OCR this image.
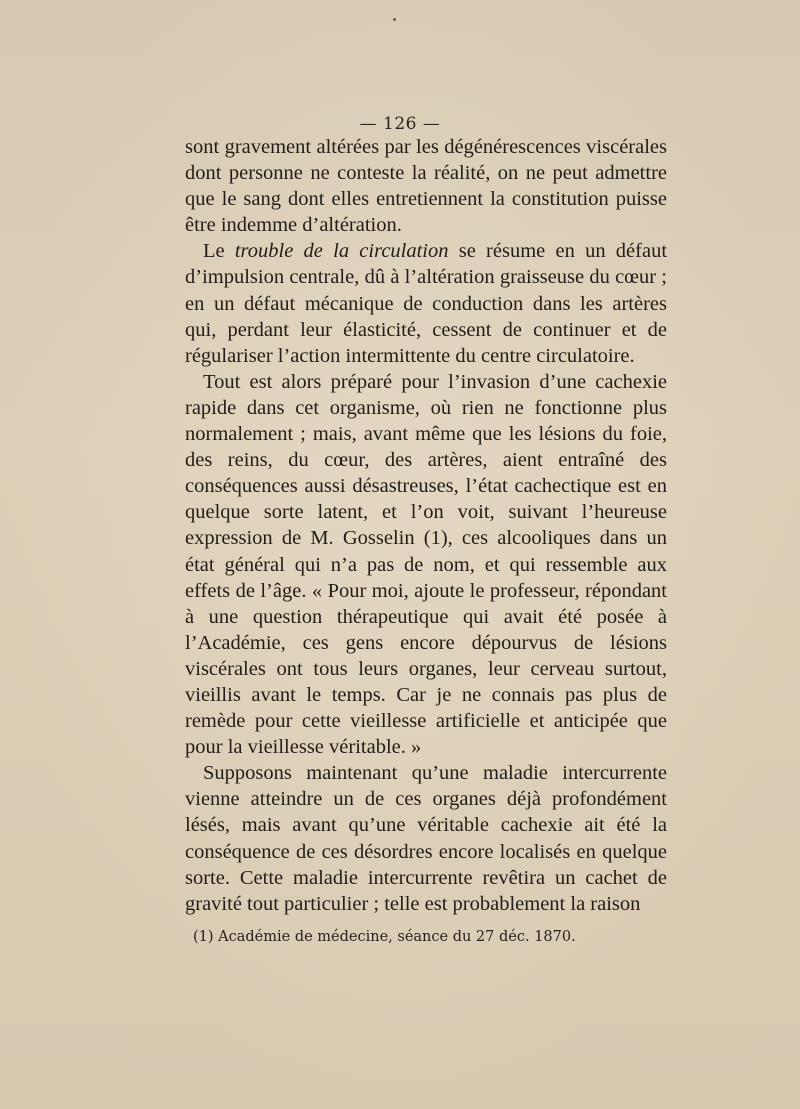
— 126 —

sont gravement altérées par les dégénérescences viscérales dont personne ne conteste la réalité, on ne peut admettre que le sang dont elles entretiennent la constitution puisse être indemme d’altération.

Le trouble de la circulation se résume en un défaut d’impulsion centrale, dû à l’altération graisseuse du cœur ; en un défaut mécanique de conduction dans les artères qui, perdant leur élasticité, cessent de continuer et de régulariser l’action intermittente du centre circulatoire.

Tout est alors préparé pour l’invasion d’une cachexie rapide dans cet organisme, où rien ne fonctionne plus normalement ; mais, avant même que les lésions du foie, des reins, du cœur, des artères, aient entraîné des conséquences aussi désastreuses, l’état cachectique est en quelque sorte latent, et l’on voit, suivant l’heureuse expression de M. Gosselin (1), ces alcooliques dans un état général qui n’a pas de nom, et qui ressemble aux effets de l’âge. « Pour moi, ajoute le professeur, répondant à une question thérapeutique qui avait été posée à l’Académie, ces gens encore dépourvus de lésions viscérales ont tous leurs organes, leur cerveau surtout, vieillis avant le temps. Car je ne connais pas plus de remède pour cette vieillesse artificielle et anticipée que pour la vieillesse véritable. »

Supposons maintenant qu’une maladie intercurrente vienne atteindre un de ces organes déjà profondément lésés, mais avant qu’une véritable cachexie ait été la conséquence de ces désordres encore localisés en quelque sorte. Cette maladie intercurrente revêtira un cachet de gravité tout particulier ; telle est probablement la raison

(1) Académie de médecine, séance du 27 déc. 1870.
